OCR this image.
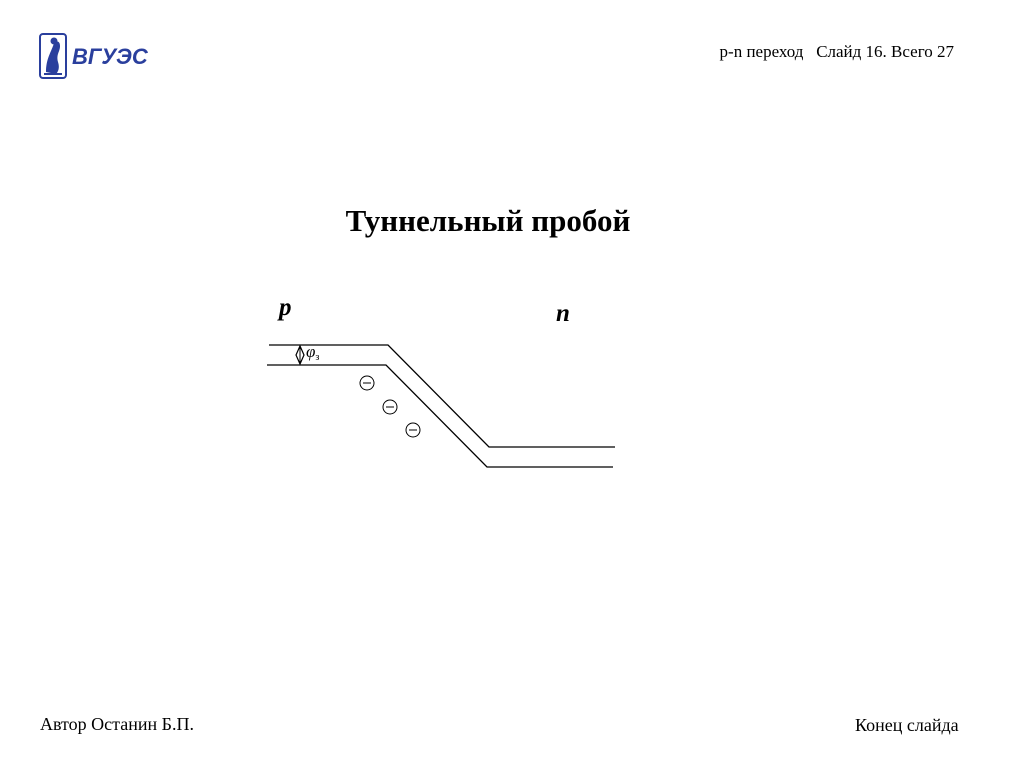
ВГУЭС	p-n переход Слайд 16. Всего 27
Туннельный пробой
p	n
$\varphi_з$
Автор Останин Б.П.	Конец слайда
